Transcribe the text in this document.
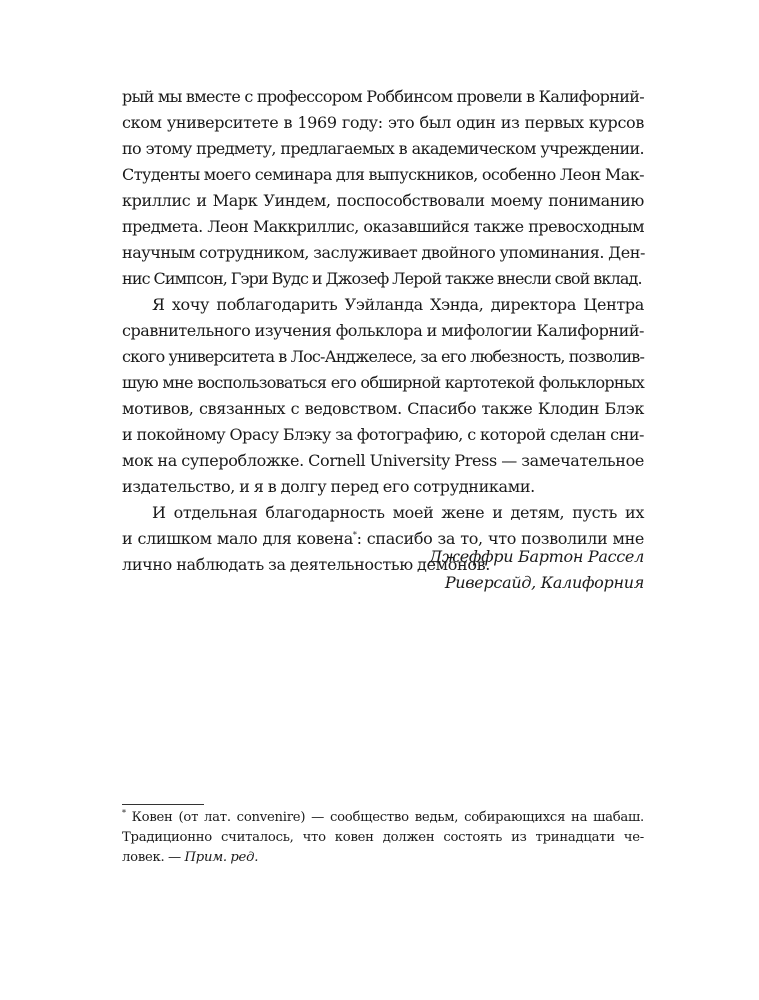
рый мы вместе с профессором Роббинсом провели в Калифорний-
ском университете в 1969 году: это был один из первых курсов
по этому предмету, предлагаемых в академическом учреждении.
Студенты моего семинара для выпускников, особенно Леон Мак-
криллис и Марк Уиндем, поспособствовали моему пониманию
предмета. Леон Маккриллис, оказавшийся также превосходным
научным сотрудником, заслуживает двойного упоминания. Ден-
нис Симпсон, Гэри Вудс и Джозеф Лерой также внесли свой вклад.

Я хочу поблагодарить Уэйланда Хэнда, директора Центра
сравнительного изучения фольклора и мифологии Калифорний-
ского университета в Лос-Анджелесе, за его любезность, позволив-
шую мне воспользоваться его обширной картотекой фольклорных
мотивов, связанных с ведовством. Спасибо также Клодин Блэк
и покойному Орасу Блэку за фотографию, с которой сделан сни-
мок на суперобложке. Cornell University Press — замечательное
издательство, и я в долгу перед его сотрудниками.

И отдельная благодарность моей жене и детям, пусть их
и слишком мало для ковена*: спасибо за то, что позволили мне
лично наблюдать за деятельностью демонов.

Джеффри Бартон Рассел
Риверсайд, Калифорния
* Ковен (от лат. convenire) — сообщество ведьм, собирающихся на шабаш.
Традиционно считалось, что ковен должен состоять из тринадцати че-
ловек. — Прим. ред.
